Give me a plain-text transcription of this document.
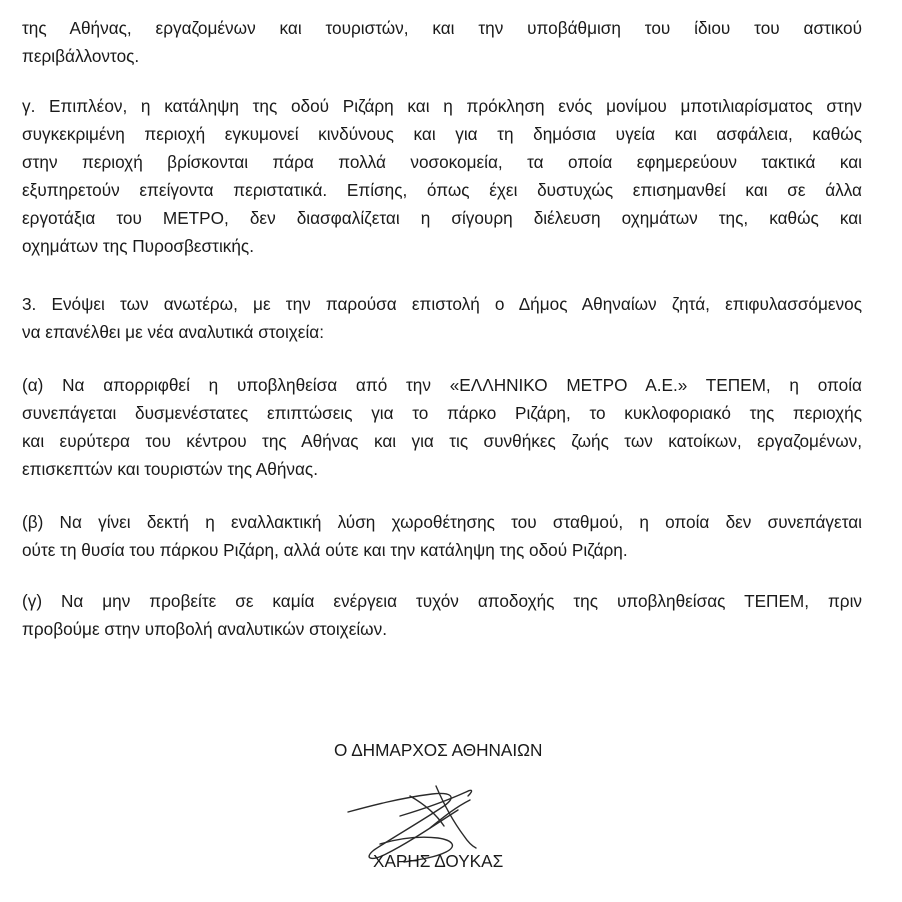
της Αθήνας, εργαζομένων και τουριστών, και την υποβάθμιση του ίδιου του αστικού
περιβάλλοντος.
γ. Επιπλέον, η κατάληψη της οδού Ριζάρη και η πρόκληση ενός μονίμου μποτιλιαρίσματος στην
συγκεκριμένη περιοχή εγκυμονεί κινδύνους και για τη δημόσια υγεία και ασφάλεια, καθώς
στην περιοχή βρίσκονται πάρα πολλά νοσοκομεία, τα οποία εφημερεύουν τακτικά και
εξυπηρετούν επείγοντα περιστατικά. Επίσης, όπως έχει δυστυχώς επισημανθεί και σε άλλα
εργοτάξια του ΜΕΤΡΟ, δεν διασφαλίζεται η σίγουρη διέλευση οχημάτων της, καθώς και
οχημάτων της Πυροσβεστικής.
3. Ενόψει των ανωτέρω, με την παρούσα επιστολή ο Δήμος Αθηναίων ζητά, επιφυλασσόμενος
να επανέλθει με νέα αναλυτικά στοιχεία:
(α) Να απορριφθεί η υποβληθείσα από την «ΕΛΛΗΝΙΚΟ ΜΕΤΡΟ Α.Ε.» ΤΕΠΕΜ, η οποία
συνεπάγεται δυσμενέστατες επιπτώσεις για το πάρκο Ριζάρη, το κυκλοφοριακό της περιοχής
και ευρύτερα του κέντρου της Αθήνας και για τις συνθήκες ζωής των κατοίκων, εργαζομένων,
επισκεπτών και τουριστών της Αθήνας.
(β) Να γίνει δεκτή η εναλλακτική λύση χωροθέτησης του σταθμού, η οποία δεν συνεπάγεται
ούτε τη θυσία του πάρκου Ριζάρη, αλλά ούτε και την κατάληψη της οδού Ριζάρη.
(γ) Να μην προβείτε σε καμία ενέργεια τυχόν αποδοχής της υποβληθείσας ΤΕΠΕΜ, πριν
προβούμε στην υποβολή αναλυτικών στοιχείων.
Ο ΔΗΜΑΡΧΟΣ ΑΘΗΝΑΙΩΝ
ΧΑΡΗΣ ΔΟΥΚΑΣ
